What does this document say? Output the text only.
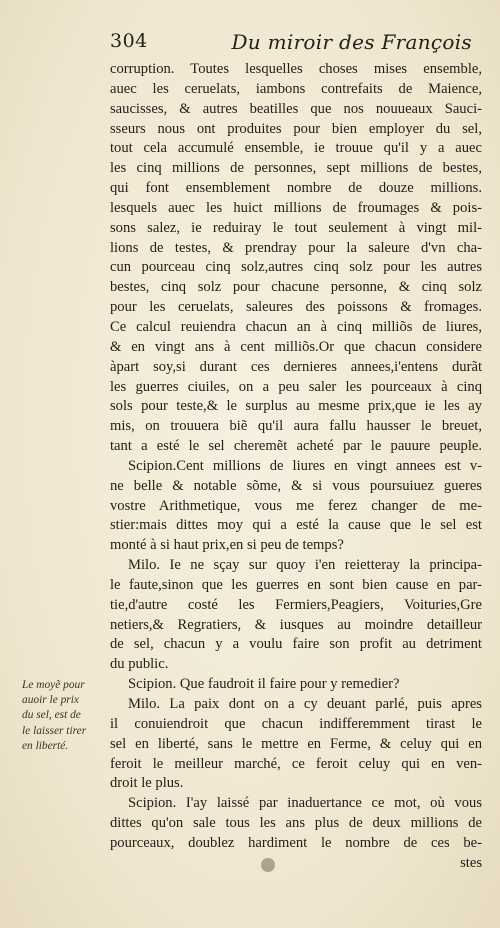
304	Du miroir des François
corruption. Toutes lesquelles choses mises ensemble,
auec les ceruelats, iambons contrefaits de Maience,
saucisses, & autres beatilles que nos nouueaux Sauci-
sseurs nous ont produites pour bien employer du sel,
tout cela accumulé ensemble, ie trouue qu'il y a auec
les cinq millions de personnes, sept millions de bestes,
qui font ensemblement nombre de douze millions.
lesquels auec les huict millions de froumages & pois-
sons salez, ie reduiray le tout seulement à vingt mil-
lions de testes, & prendray pour la saleure d'vn cha-
cun pourceau cinq solz,autres cinq solz pour les autres
bestes, cinq solz pour chacune personne, & cinq solz
pour les ceruelats, saleures des poissons & fromages.
Ce calcul reuiendra chacun an à cinq milliõs de liures,
& en vingt ans à cent milliõs.Or que chacun considere
àpart soy,si durant ces dernieres annees,i'entens durãt
les guerres ciuiles, on a peu saler les pourceaux à cinq
sols pour teste,& le surplus au mesme prix,que ie les ay
mis, on trouuera biẽ qu'il aura fallu hausser le breuet,
tant a esté le sel cheremẽt acheté par le pauure peuple.
Scipion.Cent millions de liures en vingt annees est v-
ne belle & notable sõme, & si vous poursuiuez gueres
vostre Arithmetique, vous me ferez changer de me-
stier:mais dittes moy qui a esté la cause que le sel est
monté à si haut prix,en si peu de temps?
Milo. Ie ne sçay sur quoy i'en reietteray la principa-
le faute,sinon que les guerres en sont bien cause en par-
tie,d'autre costé les Fermiers,Peagiers, Voituries,Gre
netiers,& Regratiers, & iusques au moindre detailleur
de sel, chacun y a voulu faire son profit au detriment
du public.
Scipion. Que faudroit il faire pour y remedier?
Milo. La paix dont on a cy deuant parlé, puis apres
il conuiendroit que chacun indifferemment tirast le
sel en liberté, sans le mettre en Ferme, & celuy qui en
feroit le meilleur marché, ce feroit celuy qui en ven-
droit le plus.
Scipion. I'ay laissé par inaduertance ce mot, où vous
dittes qu'on sale tous les ans plus de deux millions de
pourceaux, doublez hardiment le nombre de ces be-
stes
Le moyẽ pour
auoir le prix
du sel, est de
le laisser tirer
en liberté.
